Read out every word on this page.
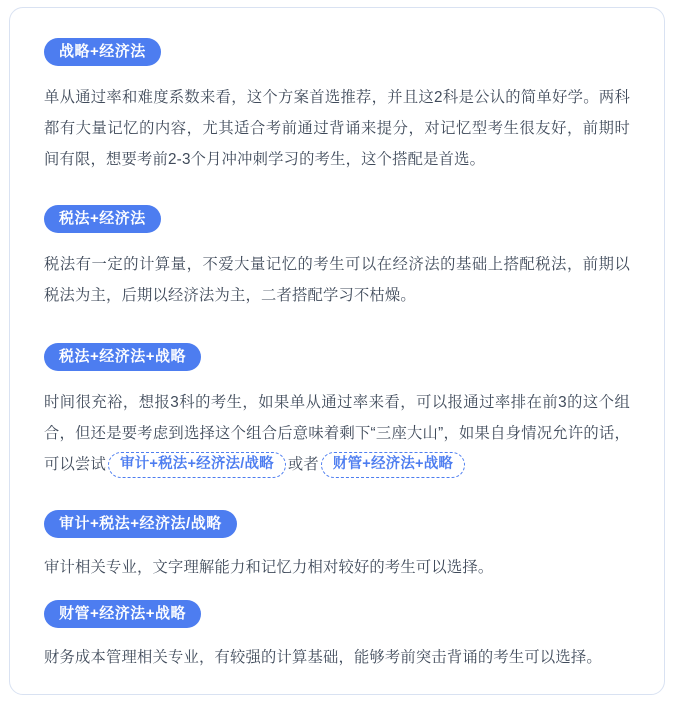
战略+经济法

单从通过率和难度系数来看，这个方案首选推荐，并且这2科是公认的简单好学。两科都有大量记忆的内容，尤其适合考前通过背诵来提分，对记忆型考生很友好，前期时间有限，想要考前2-3个月冲冲刺学习的考生，这个搭配是首选。

税法+经济法

税法有一定的计算量，不爱大量记忆的考生可以在经济法的基础上搭配税法，前期以税法为主，后期以经济法为主，二者搭配学习不枯燥。

税法+经济法+战略

时间很充裕，想报3科的考生，如果单从通过率来看，可以报通过率排在前3的这个组合，但还是要考虑到选择这个组合后意味着剩下“三座大山”，如果自身情况允许的话，可以尝试 审计+税法+经济法/战略 或者 财管+经济法+战略

审计+税法+经济法/战略

审计相关专业，文字理解能力和记忆力相对较好的考生可以选择。

财管+经济法+战略

财务成本管理相关专业，有较强的计算基础，能够考前突击背诵的考生可以选择。
